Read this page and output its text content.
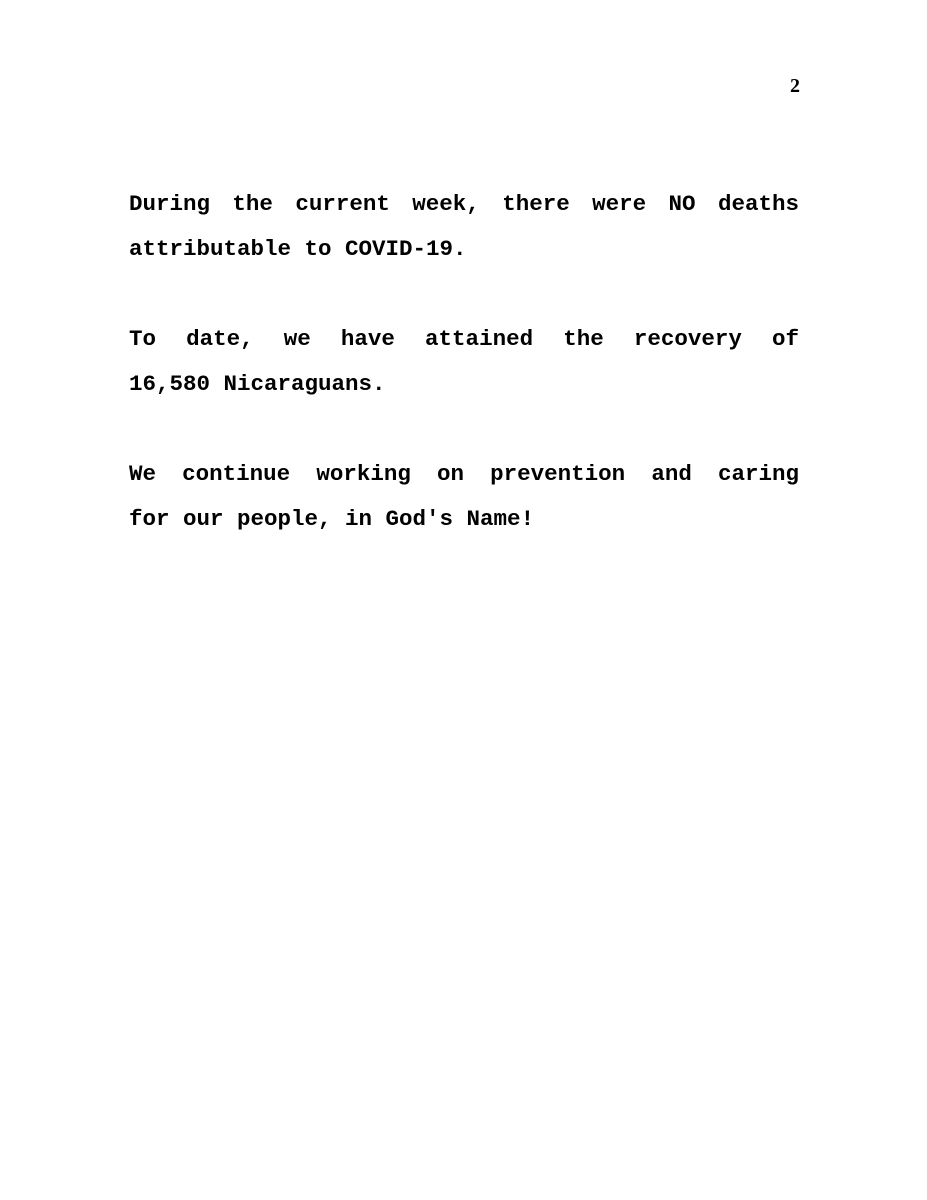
2

During the current week, there were NO deaths
attributable to COVID-19.

To date, we have attained the recovery of
16,580 Nicaraguans.

We continue working on prevention and caring
for our people, in God's Name!
